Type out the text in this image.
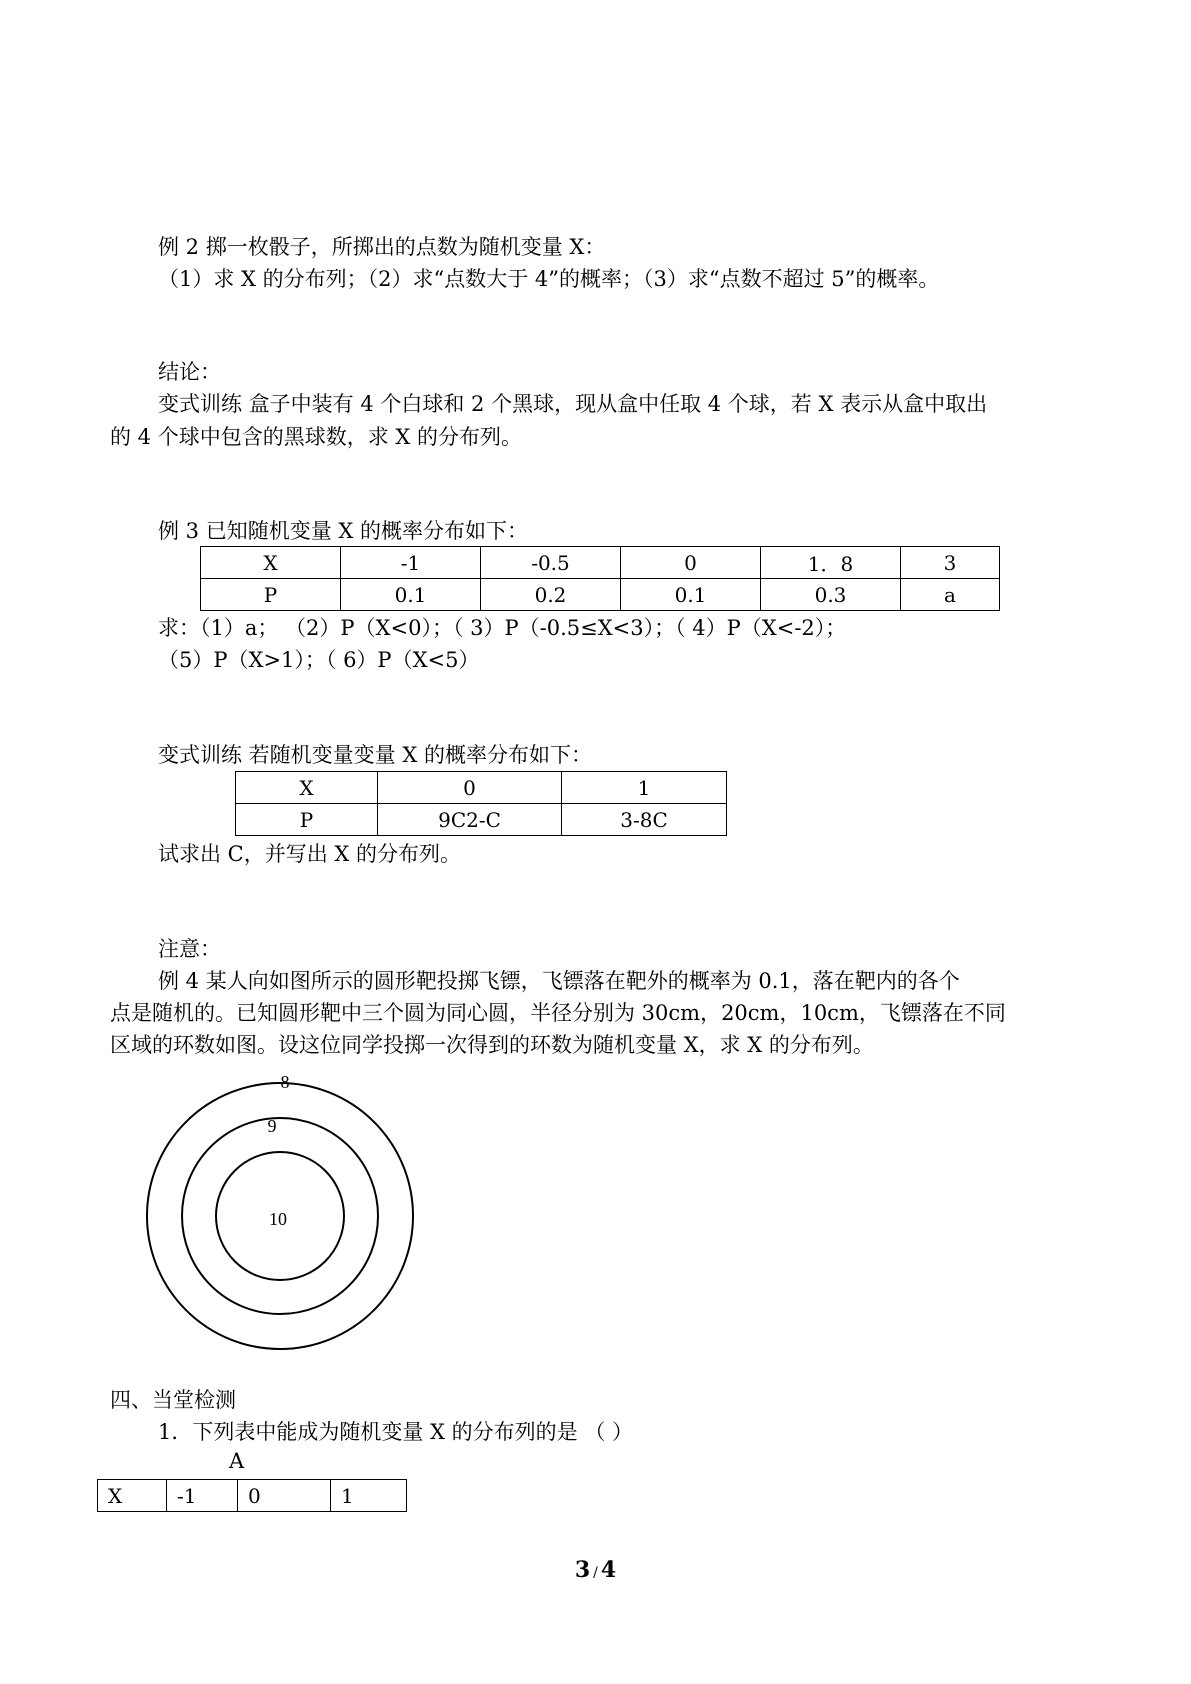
例 2 掷一枚骰子，所掷出的点数为随机变量 X：
（1）求 X 的分布列；（2）求“点数大于 4”的概率；（3）求“点数不超过 5”的概率。
结论：
变式训练 盒子中装有 4 个白球和 2 个黑球，现从盒中任取 4 个球，若 X 表示从盒中取出
的 4 个球中包含的黑球数，求 X 的分布列。
例 3 已知随机变量 X 的概率分布如下：
X	-1	-0.5	0	1．8	3
P	0.1	0.2	0.1	0.3	a
求：（1）a； （2）P（X<0）；（ 3）P（-0.5≤X<3）；（ 4）P（X<-2）；
（5）P（X>1）；（ 6）P（X<5）
变式训练 若随机变量变量 X 的概率分布如下：
X	0	1
P	9C2-C	3-8C
试求出 C，并写出 X 的分布列。
注意：
例 4 某人向如图所示的圆形靶投掷飞镖，飞镖落在靶外的概率为 0.1，落在靶内的各个
点是随机的。已知圆形靶中三个圆为同心圆，半径分别为 30cm，20cm，10cm，飞镖落在不同
区域的环数如图。设这位同学投掷一次得到的环数为随机变量 X，求 X 的分布列。
8
9
10
四、当堂检测
1．下列表中能成为随机变量 X 的分布列的是 （ ）
A
X	-1	0	1
3 / 4
